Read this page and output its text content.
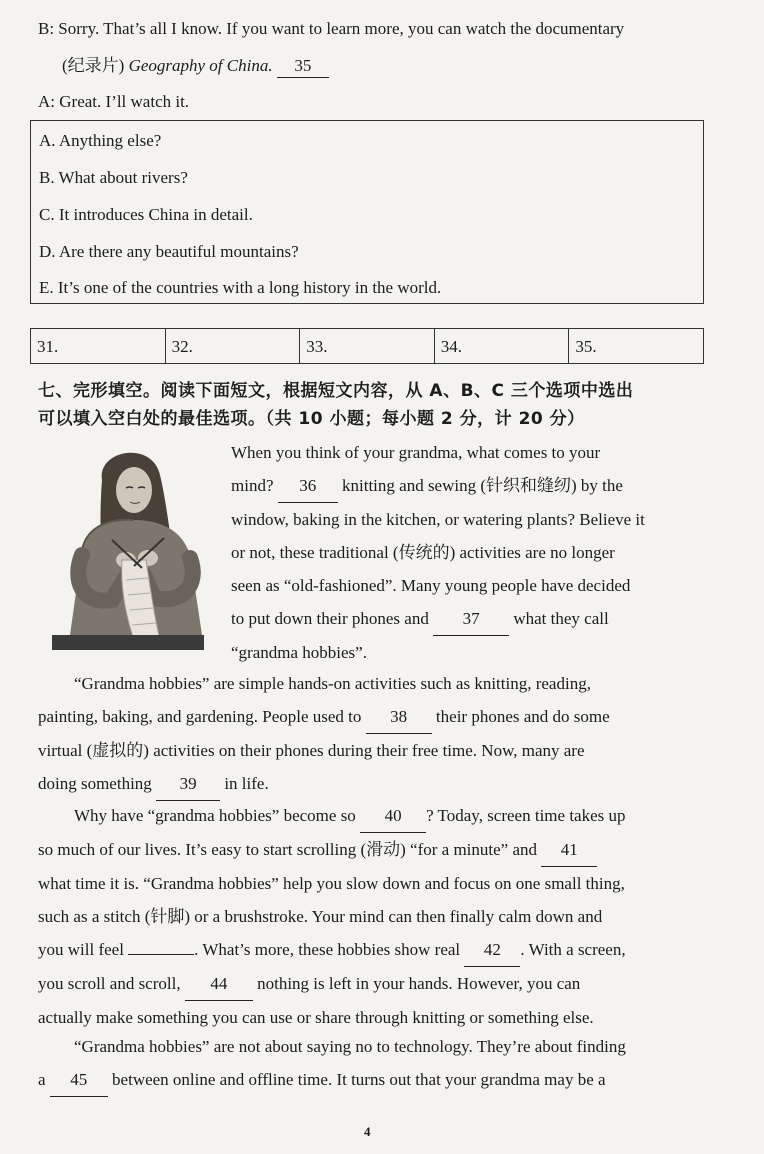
B: Sorry. That’s all I know. If you want to learn more, you can watch the documentary
(纪录片) Geography of China. 35
A: Great. I’ll watch it.
A. Anything else?
B. What about rivers?
C. It introduces China in detail.
D. Are there any beautiful mountains?
E. It’s one of the countries with a long history in the world.
31.	32.	33.	34.	35.
七、完形填空。阅读下面短文，根据短文内容，从 A、B、C 三个选项中选出
可以填入空白处的最佳选项。（共 10 小题；每小题 2 分，计 20 分）
When you think of your grandma, what comes to your
mind? 36 knitting and sewing (针织和缝纫) by the
window, baking in the kitchen, or watering plants? Believe it
or not, these traditional (传统的) activities are no longer
seen as “old-fashioned”. Many young people have decided
to put down their phones and 37 what they call
“grandma hobbies”.
“Grandma hobbies” are simple hands-on activities such as knitting, reading,
painting, baking, and gardening. People used to 38 their phones and do some
virtual (虚拟的) activities on their phones during their free time. Now, many are
doing something 39 in life.
Why have “grandma hobbies” become so 40 ? Today, screen time takes up
so much of our lives. It’s easy to start scrolling (滑动) “for a minute” and 41
what time it is. “Grandma hobbies” help you slow down and focus on one small thing,
such as a stitch (针脚) or a brushstroke. Your mind can then finally calm down and
you will feel	. What’s more, these hobbies show real 42 . With a screen,
you scroll and scroll, 44 nothing is left in your hands. However, you can
actually make something you can use or share through knitting or something else.
“Grandma hobbies” are not about saying no to technology. They’re about finding
a 45 between online and offline time. It turns out that your grandma may be a
4
